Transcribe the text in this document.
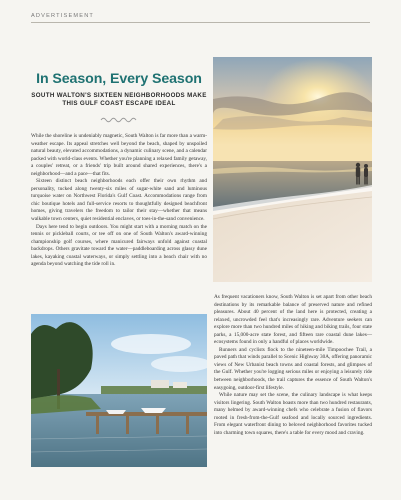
ADVERTISEMENT
In Season, Every Season
SOUTH WALTON'S SIXTEEN NEIGHBORHOODS MAKE THIS GULF COAST ESCAPE IDEAL

While the shoreline is undeniably magnetic, South Walton is far more than a warm-weather escape. Its appeal stretches well beyond the beach, shaped by unspoiled natural beauty, elevated accommodations, a dynamic culinary scene, and a calendar packed with world-class events. Whether you're planning a relaxed family getaway, a couples' retreat, or a friends' trip built around shared experiences, there's a neighborhood—and a pace—that fits.

Sixteen distinct beach neighborhoods each offer their own rhythm and personality, tucked along twenty-six miles of sugar-white sand and luminous turquoise water on Northwest Florida's Gulf Coast. Accommodations range from chic boutique hotels and full-service resorts to thoughtfully designed beachfront homes, giving travelers the freedom to tailor their stay—whether that means walkable town centers, quiet residential enclaves, or toes-in-the-sand convenience.

Days here tend to begin outdoors. You might start with a morning match on the tennis or pickleball courts, or tee off on one of South Walton's award-winning championship golf courses, where manicured fairways unfold against coastal backdrops. Others gravitate toward the water—paddleboarding across glassy dune lakes, kayaking coastal waterways, or simply settling into a beach chair with no agenda beyond watching the tide roll in.

As frequent vacationers know, South Walton is set apart from other beach destinations by its remarkable balance of preserved nature and refined pleasures. About 40 percent of the land here is protected, creating a relaxed, uncrowded feel that's increasingly rare. Adventure seekers can explore more than two hundred miles of hiking and biking trails, four state parks, a 15,000-acre state forest, and fifteen rare coastal dune lakes—ecosystems found in only a handful of places worldwide.

Runners and cyclists flock to the nineteen-mile Timpoochee Trail, a paved path that winds parallel to Scenic Highway 30A, offering panoramic views of New Urbanist beach towns and coastal forests, and glimpses of the Gulf. Whether you're logging serious miles or enjoying a leisurely ride between neighborhoods, the trail captures the essence of South Walton's easygoing, outdoor-first lifestyle.

While nature may set the scene, the culinary landscape is what keeps visitors lingering. South Walton boasts more than two hundred restaurants, many helmed by award-winning chefs who celebrate a fusion of flavors rooted in fresh-from-the-Gulf seafood and locally sourced ingredients. From elegant waterfront dining to beloved neighborhood favorites tucked into charming town squares, there's a table for every mood and craving.
